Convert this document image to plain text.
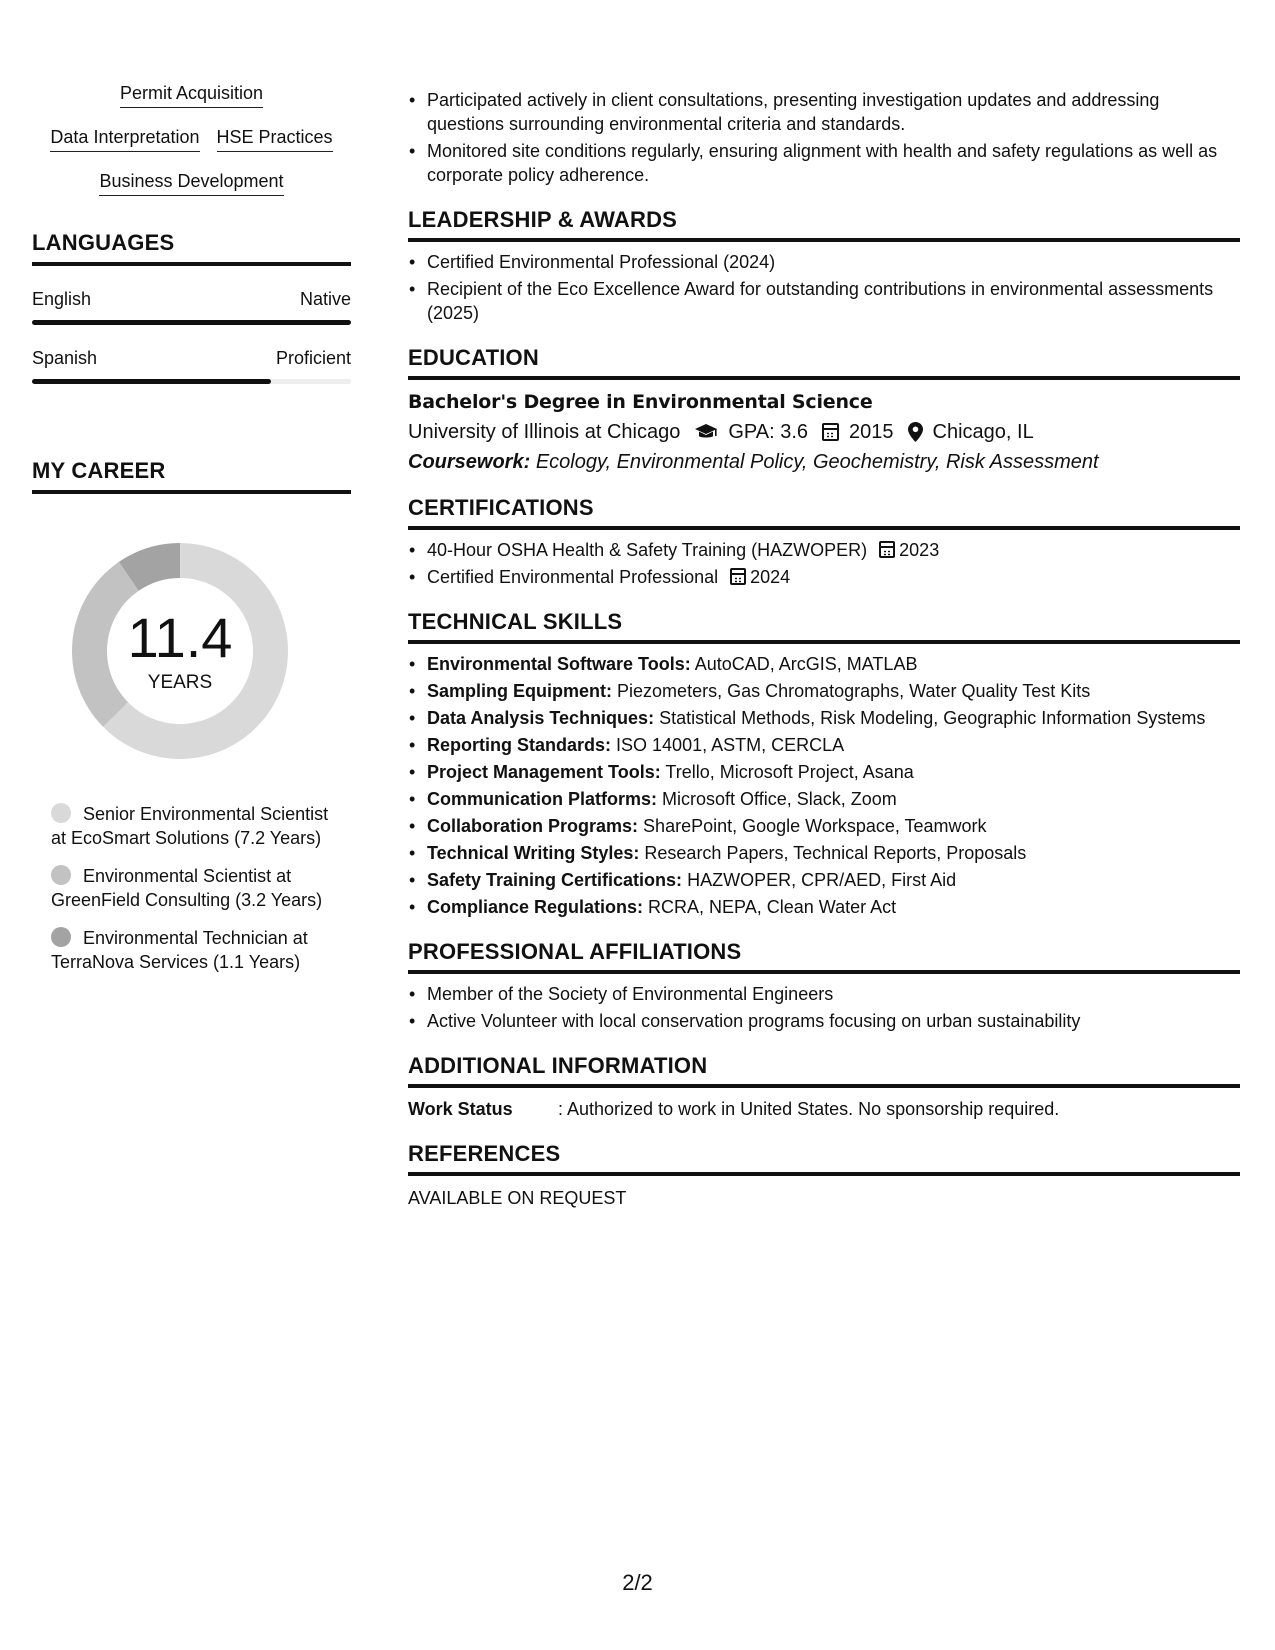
Permit Acquisition
Data Interpretation HSE Practices
Business Development
LANGUAGES
English	Native
Spanish	Proficient
MY CAREER
11.4
YEARS
Senior Environmental Scientist at EcoSmart Solutions (7.2 Years)
Environmental Scientist at GreenField Consulting (3.2 Years)
Environmental Technician at TerraNova Services (1.1 Years)
• Participated actively in client consultations, presenting investigation updates and addressing questions surrounding environmental criteria and standards.
• Monitored site conditions regularly, ensuring alignment with health and safety regulations as well as corporate policy adherence.
LEADERSHIP & AWARDS
• Certified Environmental Professional (2024)
• Recipient of the Eco Excellence Award for outstanding contributions in environmental assessments (2025)
EDUCATION
Bachelor's Degree in Environmental Science
University of Illinois at Chicago GPA: 3.6 2015 Chicago, IL
Coursework: Ecology, Environmental Policy, Geochemistry, Risk Assessment
CERTIFICATIONS
• 40-Hour OSHA Health & Safety Training (HAZWOPER) 2023
• Certified Environmental Professional 2024
TECHNICAL SKILLS
• Environmental Software Tools: AutoCAD, ArcGIS, MATLAB
• Sampling Equipment: Piezometers, Gas Chromatographs, Water Quality Test Kits
• Data Analysis Techniques: Statistical Methods, Risk Modeling, Geographic Information Systems
• Reporting Standards: ISO 14001, ASTM, CERCLA
• Project Management Tools: Trello, Microsoft Project, Asana
• Communication Platforms: Microsoft Office, Slack, Zoom
• Collaboration Programs: SharePoint, Google Workspace, Teamwork
• Technical Writing Styles: Research Papers, Technical Reports, Proposals
• Safety Training Certifications: HAZWOPER, CPR/AED, First Aid
• Compliance Regulations: RCRA, NEPA, Clean Water Act
PROFESSIONAL AFFILIATIONS
• Member of the Society of Environmental Engineers
• Active Volunteer with local conservation programs focusing on urban sustainability
ADDITIONAL INFORMATION
Work Status	: Authorized to work in United States. No sponsorship required.
REFERENCES
AVAILABLE ON REQUEST
2/2
